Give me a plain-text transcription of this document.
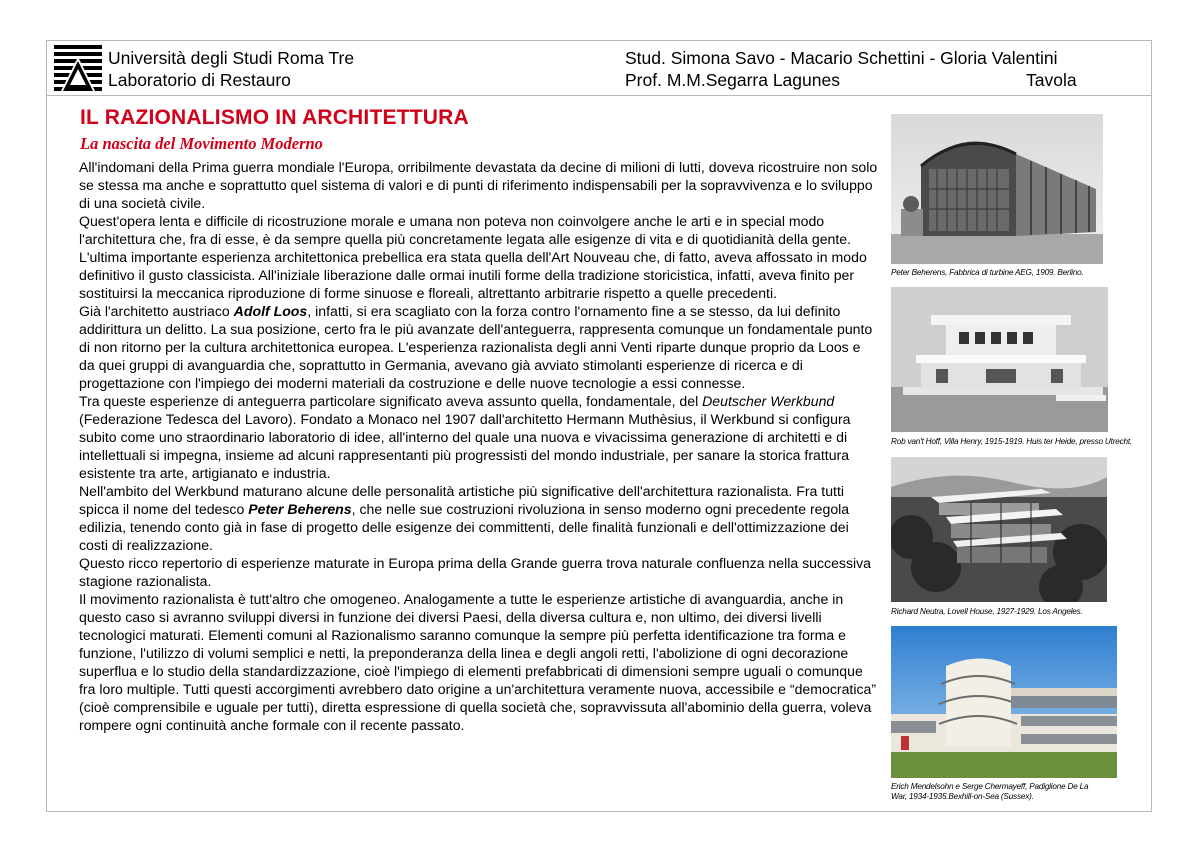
Università degli Studi Roma Tre
Laboratorio di Restauro
Stud. Simona Savo - Macario Schettini - Gloria Valentini
Prof. M.M.Segarra Lagunes	Tavola
IL RAZIONALISMO IN ARCHITETTURA
La nascita del Movimento Moderno

All'indomani della Prima guerra mondiale l'Europa, orribilmente devastata da decine di milioni di lutti, doveva ricostruire non solo se stessa ma anche e soprattutto quel sistema di valori e di punti di riferimento indispensabili per la sopravvivenza e lo sviluppo di una società civile.

Quest'opera lenta e difficile di ricostruzione morale e umana non poteva non coinvolgere anche le arti e in special modo l'architettura che, fra di esse, è da sempre quella più concretamente legata alle esigenze di vita e di quotidianità della gente.

L'ultima importante esperienza architettonica prebellica era stata quella dell'Art Nouveau che, di fatto, aveva affossato in modo definitivo il gusto classicista. All'iniziale liberazione dalle ormai inutili forme della tradizione storicistica, infatti, aveva finito per sostituirsi la meccanica riproduzione di forme sinuose e floreali, altrettanto arbitrarie rispetto a quelle precedenti.

Già l'architetto austriaco Adolf Loos, infatti, si era scagliato con la forza contro l'ornamento fine a se stesso, da lui definito addirittura un delitto. La sua posizione, certo fra le più avanzate dell'anteguerra, rappresenta comunque un fondamentale punto di non ritorno per la cultura architettonica europea. L'esperienza razionalista degli anni Venti riparte dunque proprio da Loos e da quei gruppi di avanguardia che, soprattutto in Germania, avevano già avviato stimolanti esperienze di ricerca e di progettazione con l'impiego dei moderni materiali da costruzione e delle nuove tecnologie a essi connesse.

Tra queste esperienze di anteguerra particolare significato aveva assunto quella, fondamentale, del Deutscher Werkbund (Federazione Tedesca del Lavoro). Fondato a Monaco nel 1907 dall'architetto Hermann Muthèsius, il Werkbund si configura subito come uno straordinario laboratorio di idee, all'interno del quale una nuova e vivacissima generazione di architetti e di intellettuali si impegna, insieme ad alcuni rappresentanti più progressisti del mondo industriale, per sanare la storica frattura esistente tra arte, artigianato e industria.

Nell'ambito del Werkbund maturano alcune delle personalità artistiche più significative dell'architettura razionalista. Fra tutti spicca il nome del tedesco Peter Beherens, che nelle sue costruzioni rivoluziona in senso moderno ogni precedente regola edilizia, tenendo conto già in fase di progetto delle esigenze dei committenti, delle finalità funzionali e dell'ottimizzazione dei costi di realizzazione.

Questo ricco repertorio di esperienze maturate in Europa prima della Grande guerra trova naturale confluenza nella successiva stagione razionalista.

Il movimento razionalista è tutt'altro che omogeneo. Analogamente a tutte le esperienze artistiche di avanguardia, anche in questo caso si avranno sviluppi diversi in funzione dei diversi Paesi, della diversa cultura e, non ultimo, dei diversi livelli tecnologici maturati. Elementi comuni al Razionalismo saranno comunque la sempre più perfetta identificazione tra forma e funzione, l'utilizzo di volumi semplici e netti, la preponderanza della linea e degli angoli retti, l'abolizione di ogni decorazione superflua e lo studio della standardizzazione, cioè l'impiego di elementi prefabbricati di dimensioni sempre uguali o comunque fra loro multiple. Tutti questi accorgimenti avrebbero dato origine a un'architettura veramente nuova, accessibile e “democratica” (cioè comprensibile e uguale per tutti), diretta espressione di quella società che, sopravvissuta all'abominio della guerra, voleva rompere ogni continuità anche formale con il recente passato.

Peter Beherens, Fabbrica di turbine AEG, 1909. Berlino.
Rob van't Hoff, Villa Henry, 1915-1919. Huis ter Heide, presso Utrecht.
Richard Neutra, Lovell House, 1927-1929. Los Angeles.
Erich Mendelsohn e Serge Chermayeff, Padiglione De La
War, 1934-1935.Bexhill-on-Sea (Sussex).
